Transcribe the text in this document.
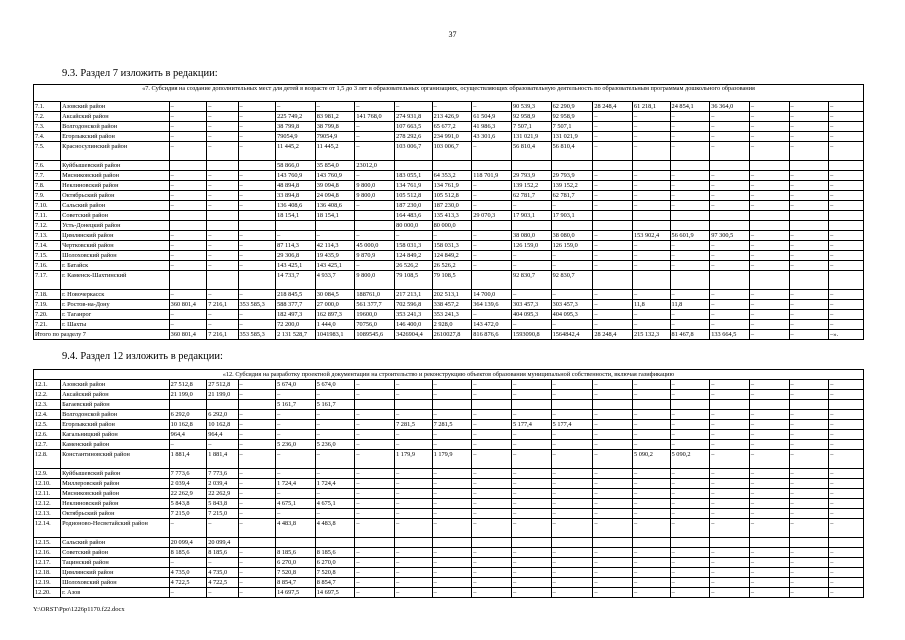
37
9.3. Раздел 7 изложить в редакции:
«7. Субсидия на создание дополнительных мест для детей в возрасте от 1,5 до 3 лет в образовательных организациях, осуществляющих образовательную деятельность по образовательным программам дошкольного образования																			
7.1.	Азовский район	–	–	–	–	–	–	–	–	–	90 539,3	62 290,9	28 248,4	61 218,1	24 854,1	36 364,0	–	–	–
7.2.	Аксайский район	–	–	–	225 749,2	83 981,2	141 768,0	274 931,8	213 426,9	61 504,9	92 958,9	92 958,9	–	–	–	–	–	–	–
7.3.	Волгодонской район	–	–	–	38 799,8	38 799,8	–	107 663,5	65 677,2	41 986,3	7 507,1	7 507,1	–	–	–	–	–	–	–
7.4.	Егорлыкский район	–	–	–	79054,9	79054,9	–	278 292,6	234 991,0	43 301,6	131 021,9	131 021,9	–	–	–	–	–	–	–
7.5.	Красносулинский район	–	–	–	11 445,2	11 445,2	–	103 006,7	103 006,7	–	56 810,4	56 810,4	–	–	–	–	–	–	–
7.6.	Куйбышевский район				58 866,0	35 854,0	23012,0												
7.7.	Мясниковский район	–	–	–	143 760,9	143 760,9	–	183 055,1	64 353,2	118 701,9	29 793,9	29 793,9	–	–	–	–	–	–	–
7.8.	Неклиновский район	–	–	–	48 894,8	39 094,8	9 800,0	134 761,9	134 761,9	–	139 152,2	139 152,2	–	–	–	–	–	–	–
7.9.	Октябрьский район	–	–	–	33 894,8	24 094,8	9 800,0	105 512,8	105 512,8	–	62 781,7	62 781,7	–	–	–	–	–	–	–
7.10.	Сальский район	–	–	–	136 408,6	136 408,6	–	187 230,0	187 230,0	–	–	–	–	–	–	–	–	–	–
7.11.	Советский район				18 154,1	18 154,1		164 483,6	135 413,3	29 070,3	17 903,1	17 903,1							
7.12.	Усть-Донецкий район							80 000,0	80 000,0										
7.13.	Цимлянский район	–	–	–	–	–	–	–	–	–	38 080,0	38 080,0	–	153 902,4	56 601,9	97 300,5	–	–	–
7.14.	Чертковский район	–	–	–	87 114,3	42 114,3	45 000,0	158 031,3	158 031,3	–	126 159,0	126 159,0	–	–	–	–	–	–	–
7.15.	Шолоховский район	–	–	–	29 306,8	19 435,9	9 870,9	124 849,2	124 849,2	–	–	–	–	–	–	–	–	–	–
7.16.	г. Батайск	–	–	–	143 425,1	143 425,1	–	26 526,2	26 526,2	–	–	–	–	–	–	–	–	–	–
7.17.	г. Каменск-Шахтинский				14 733,7	4 933,7	9 800,0	79 108,5	79 108,5		92 830,7	92 830,7							
7.18.	г. Новочеркасск	–	–	–	218 845,5	30 084,5	188761,0	217 213,1	202 513,1	14 700,0	–	–	–	–	–	–	–	–	–
7.19.	г. Ростов-на-Дону	360 801,4	7 216,1	353 585,3	588 377,7	27 000,0	561 377,7	702 596,8	338 457,2	364 139,6	303 457,3	303 457,3	–	11,8	11,8	–	–	–	–
7.20.	г. Таганрог	–	–	–	182 497,3	162 897,3	19600,0	353 241,3	353 241,3	–	404 095,3	404 095,3	–	–	–	–	–	–	–
7.21.	г. Шахты	–	–	–	72 200,0	1 444,0	70756,0	146 400,0	2 928,0	143 472,0	–	–	–	–	–	–	–	–	–
Итого по разделу 7		360 801,4	7 216,1	353 585,3	2 131 528,7	1041983,1	1089545,6	3426904,4	2610027,8	816 876,6	1593090,8	1564842,4	28 248,4	215 132,3	81 467,8	133 664,5	–	–	–».
9.4. Раздел 12 изложить в редакции:
«12. Субсидия на разработку проектной документации на строительство и реконструкцию объектов образования муниципальной собственности, включая газификацию																			
12.1.	Азовский район	27 512,8	27 512,8	–	5 674,0	5 674,0	–	–	–	–	–	–	–	–	–	–	–	–	–
12.2.	Аксайский район	21 199,0	21 199,0	–	–	–	–	–	–	–	–	–	–	–	–	–	–	–	–
12.3.	Багаевский район				5 161,7	5 161,7													
12.4.	Волгодонской район	6 292,0	6 292,0	–	–	–	–	–	–	–	–	–	–	–	–	–	–	–	–
12.5.	Егорлыкский район	10 162,8	10 162,8	–	–	–	–	7 281,5	7 281,5	–	5 177,4	5 177,4	–	–	–	–	–	–	–
12.6.	Кагальницкий район	964,4	964,4	–	–	–	–	–	–	–	–	–	–	–	–	–	–	–	–
12.7.	Каменский район	–	–	–	5 236,0	5 236,0	–	–	–	–	–	–	–	–	–	–	–	–	–
12.8.	Константиновский район	1 881,4	1 881,4	–	–	–	–	1 179,9	1 179,9	–	–	–	–	5 090,2	5 090,2	–	–	–	–
12.9.	Куйбышевский район	7 773,6	7 773,6	–	–	–	–	–	–	–	–	–	–	–	–	–	–	–	–
12.10.	Миллеровский район	2 039,4	2 039,4	–	1 724,4	1 724,4	–	–	–	–	–	–	–	–	–	–	–	–	–
12.11.	Мясниковский район	22 262,9	22 262,9	–	–	–	–	–	–	–	–	–	–	–	–	–	–	–	–
12.12.	Неклиновский район	5 843,8	5 843,8	–	4 675,1	4 675,1	–	–	–	–	–	–	–	–	–	–	–	–	–
12.13.	Октябрьский район	7 215,0	7 215,0	–	–	–	–	–	–	–	–	–	–	–	–	–	–	–	–
12.14.	Родионово-Несветайский район	–	–	–	4 483,8	4 483,8	–	–	–	–	–	–	–	–	–	–	–	–	–
12.15.	Сальский район	20 099,4	20 099,4																
12.16.	Советский район	8 185,6	8 185,6	–	8 185,6	8 185,6	–	–	–	–	–	–	–	–	–	–	–	–	–
12.17.	Тацинский район	–	–	–	6 270,0	6 270,0	–	–	–	–	–	–	–	–	–	–	–	–	–
12.18.	Цимлянский район	4 735,0	4 735,0	–	7 520,8	7 520,8	–	–	–	–	–	–	–	–	–	–	–	–	–
12.19.	Шолоховский район	4 722,5	4 722,5	–	8 854,7	8 854,7	–	–	–	–	–	–	–	–	–	–	–	–	–
12.20.	г. Азов	–	–	–	14 697,5	14 697,5	–	–	–	–	–	–	–	–	–	–	–	–	–
Y:\ORST\Ppo\1226p1170.f22.docx
